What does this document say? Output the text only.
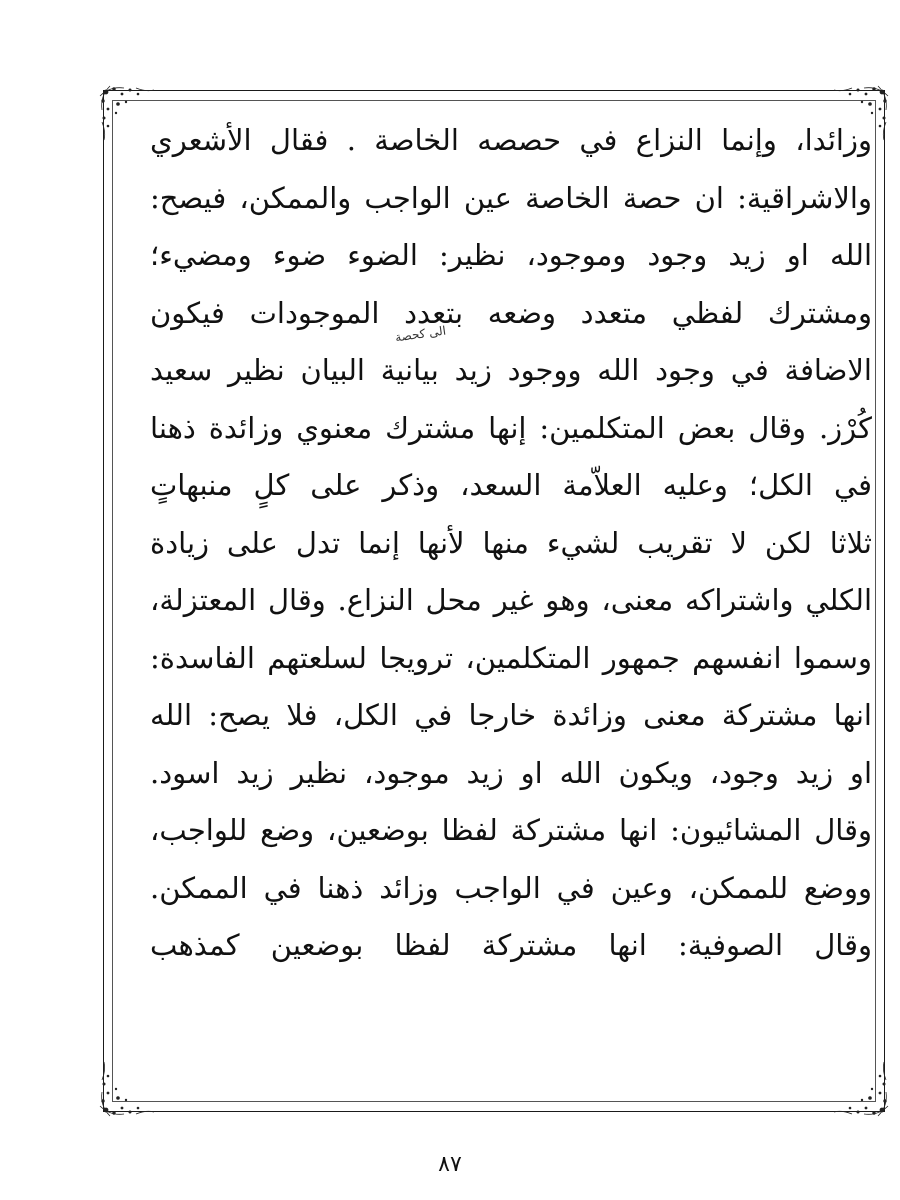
وزائدا، وإنما النزاع في حصصه الخاصة . فقال الأشعري
والاشراقية: ان حصة الخاصة عين الواجب والممكن، فيصح:
الله او زيد وجود وموجود، نظير: الضوء ضوء ومضيء؛
ومشترك لفظي متعدد وضعه بتعدد الموجودات فيكون
الاضافة في وجود الله ووجود زيد بيانية البيان نظير سعيد
كُرْز. وقال بعض المتكلمين: إنها مشترك معنوي وزائدة ذهنا
في الكل؛ وعليه العلاّمة السعد، وذكر على كلٍ منبهاتٍ
ثلاثا لكن لا تقريب لشيء منها لأنها إنما تدل على زيادة
الكلي واشتراكه معنى، وهو غير محل النزاع. وقال المعتزلة،
وسموا انفسهم جمهور المتكلمين، ترويجا لسلعتهم الفاسدة:
انها مشتركة معنى وزائدة خارجا في الكل، فلا يصح: الله
او زيد وجود، ويكون الله او زيد موجود، نظير زيد اسود.
وقال المشائيون: انها مشتركة لفظا بوضعين، وضع للواجب،
ووضع للممكن، وعين في الواجب وزائد ذهنا في الممكن.
وقال الصوفية: انها مشتركة لفظا بوضعين كمذهب
الى كحصة
٨٧
